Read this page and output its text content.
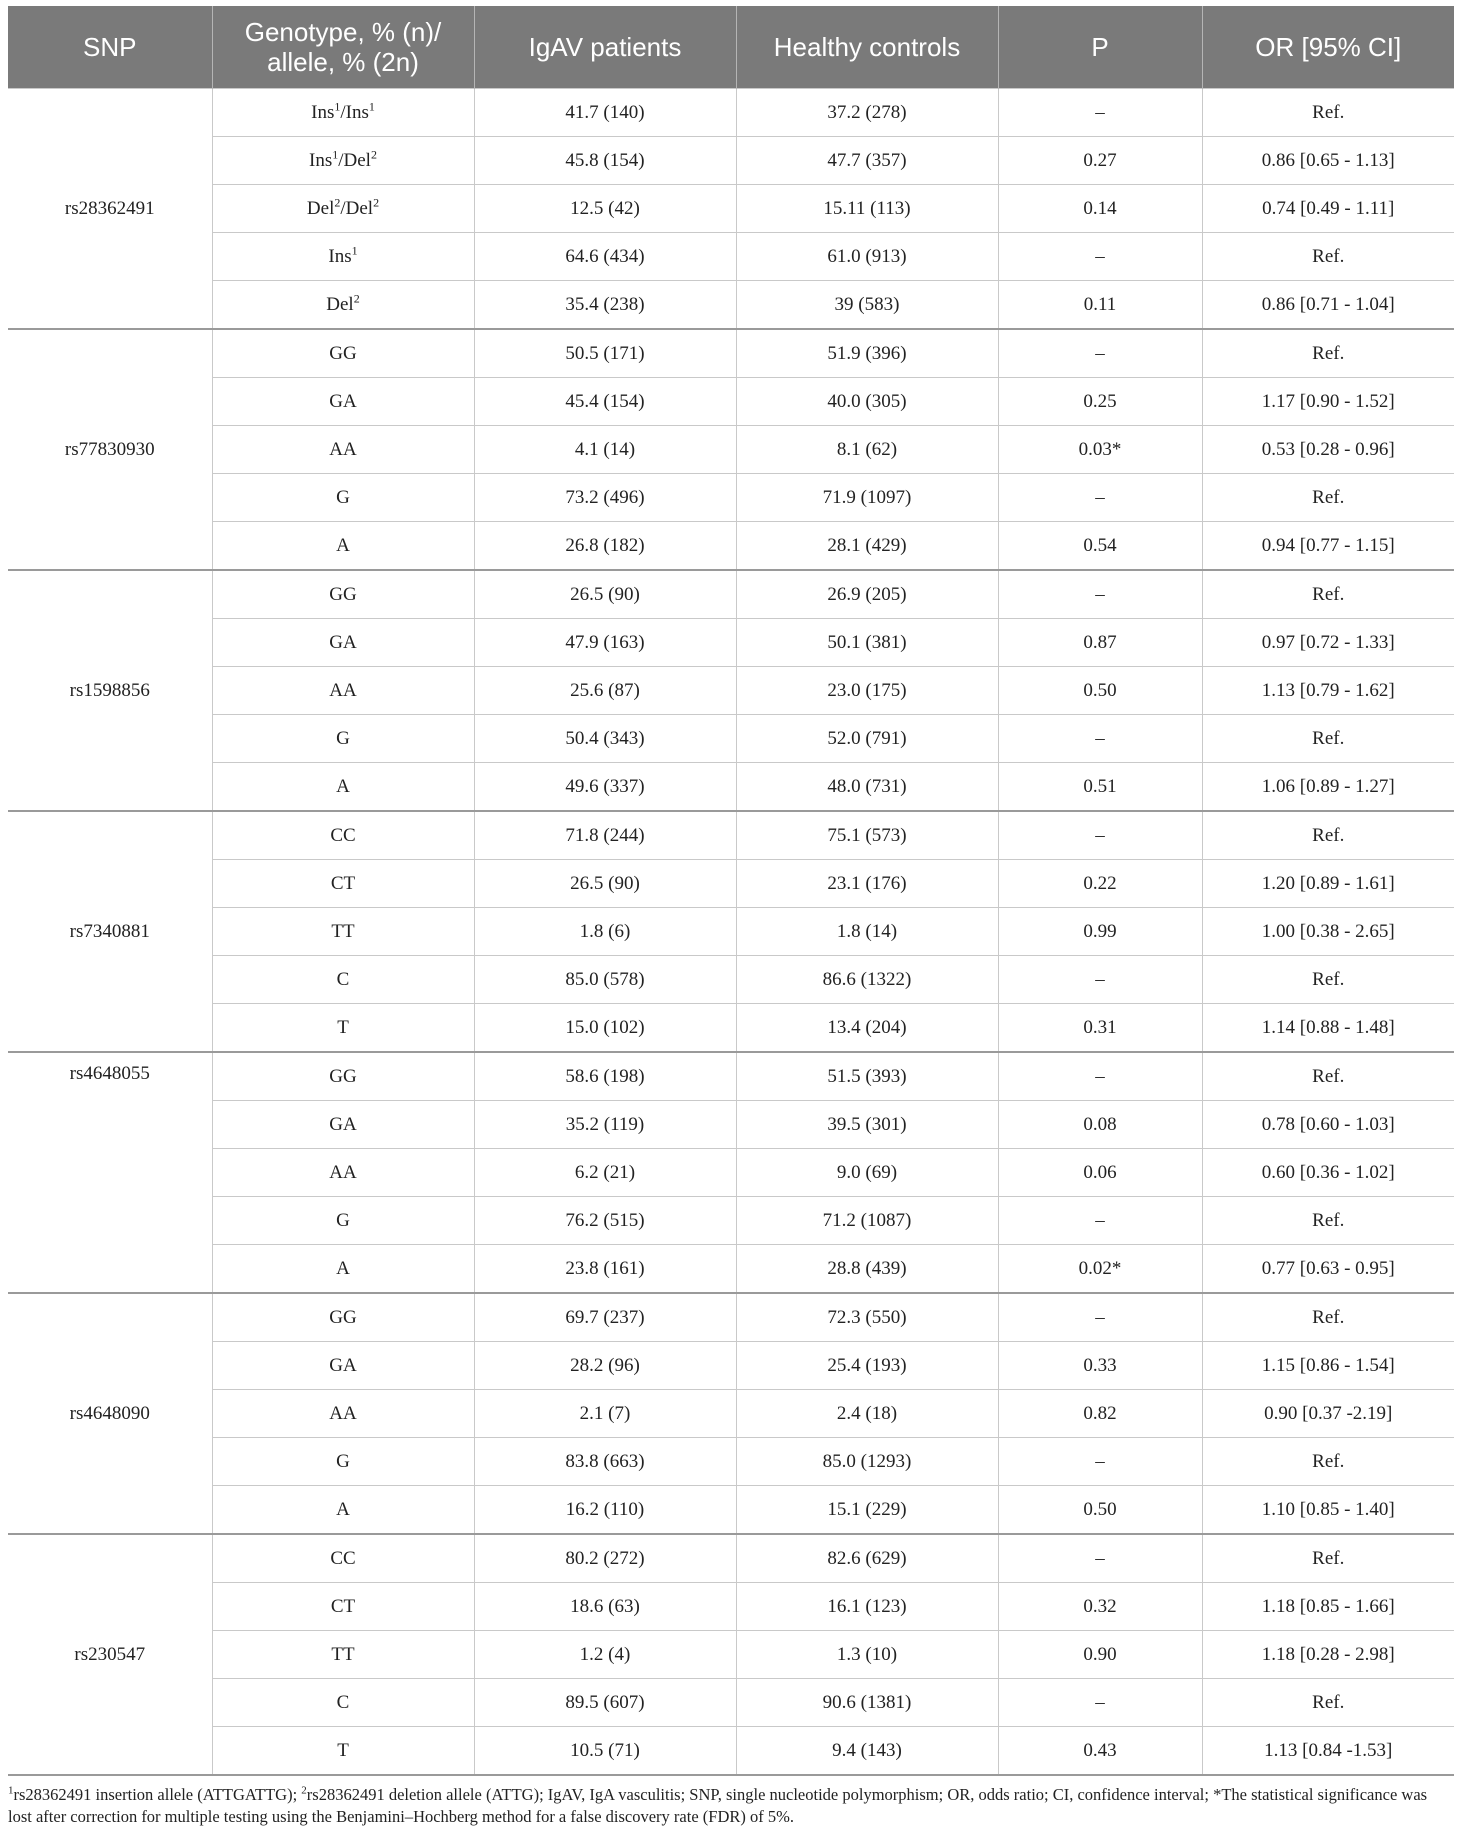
SNP	Genotype, % (n)/ allele, % (2n)	IgAV patients	Healthy controls	P	OR [95% CI]
rs28362491	Ins$^1$/Ins$^1$	41.7 (140)	37.2 (278)	–	Ref.
	Ins$^1$/Del$^2$	45.8 (154)	47.7 (357)	0.27	0.86 [0.65 - 1.13]
	Del$^2$/Del$^2$	12.5 (42)	15.11 (113)	0.14	0.74 [0.49 - 1.11]
	Ins$^1$	64.6 (434)	61.0 (913)	–	Ref.
	Del$^2$	35.4 (238)	39 (583)	0.11	0.86 [0.71 - 1.04]
rs77830930	GG	50.5 (171)	51.9 (396)	–	Ref.
	GA	45.4 (154)	40.0 (305)	0.25	1.17 [0.90 - 1.52]
	AA	4.1 (14)	8.1 (62)	0.03*	0.53 [0.28 - 0.96]
	G	73.2 (496)	71.9 (1097)	–	Ref.
	A	26.8 (182)	28.1 (429)	0.54	0.94 [0.77 - 1.15]
rs1598856	GG	26.5 (90)	26.9 (205)	–	Ref.
	GA	47.9 (163)	50.1 (381)	0.87	0.97 [0.72 - 1.33]
	AA	25.6 (87)	23.0 (175)	0.50	1.13 [0.79 - 1.62]
	G	50.4 (343)	52.0 (791)	–	Ref.
	A	49.6 (337)	48.0 (731)	0.51	1.06 [0.89 - 1.27]
rs7340881	CC	71.8 (244)	75.1 (573)	–	Ref.
	CT	26.5 (90)	23.1 (176)	0.22	1.20 [0.89 - 1.61]
	TT	1.8 (6)	1.8 (14)	0.99	1.00 [0.38 - 2.65]
	C	85.0 (578)	86.6 (1322)	–	Ref.
	T	15.0 (102)	13.4 (204)	0.31	1.14 [0.88 - 1.48]
rs4648055	GG	58.6 (198)	51.5 (393)	–	Ref.
	GA	35.2 (119)	39.5 (301)	0.08	0.78 [0.60 - 1.03]
	AA	6.2 (21)	9.0 (69)	0.06	0.60 [0.36 - 1.02]
	G	76.2 (515)	71.2 (1087)	–	Ref.
	A	23.8 (161)	28.8 (439)	0.02*	0.77 [0.63 - 0.95]
rs4648090	GG	69.7 (237)	72.3 (550)	–	Ref.
	GA	28.2 (96)	25.4 (193)	0.33	1.15 [0.86 - 1.54]
	AA	2.1 (7)	2.4 (18)	0.82	0.90 [0.37 -2.19]
	G	83.8 (663)	85.0 (1293)	–	Ref.
	A	16.2 (110)	15.1 (229)	0.50	1.10 [0.85 - 1.40]
rs230547	CC	80.2 (272)	82.6 (629)	–	Ref.
	CT	18.6 (63)	16.1 (123)	0.32	1.18 [0.85 - 1.66]
	TT	1.2 (4)	1.3 (10)	0.90	1.18 [0.28 - 2.98]
	C	89.5 (607)	90.6 (1381)	–	Ref.
	T	10.5 (71)	9.4 (143)	0.43	1.13 [0.84 -1.53]
$^1$rs28362491 insertion allele (ATTGATTG); $^2$rs28362491 deletion allele (ATTG); IgAV, IgA vasculitis; SNP, single nucleotide polymorphism; OR, odds ratio; CI, confidence interval; *The statistical significance was lost after correction for multiple testing using the Benjamini–Hochberg method for a false discovery rate (FDR) of 5%.
